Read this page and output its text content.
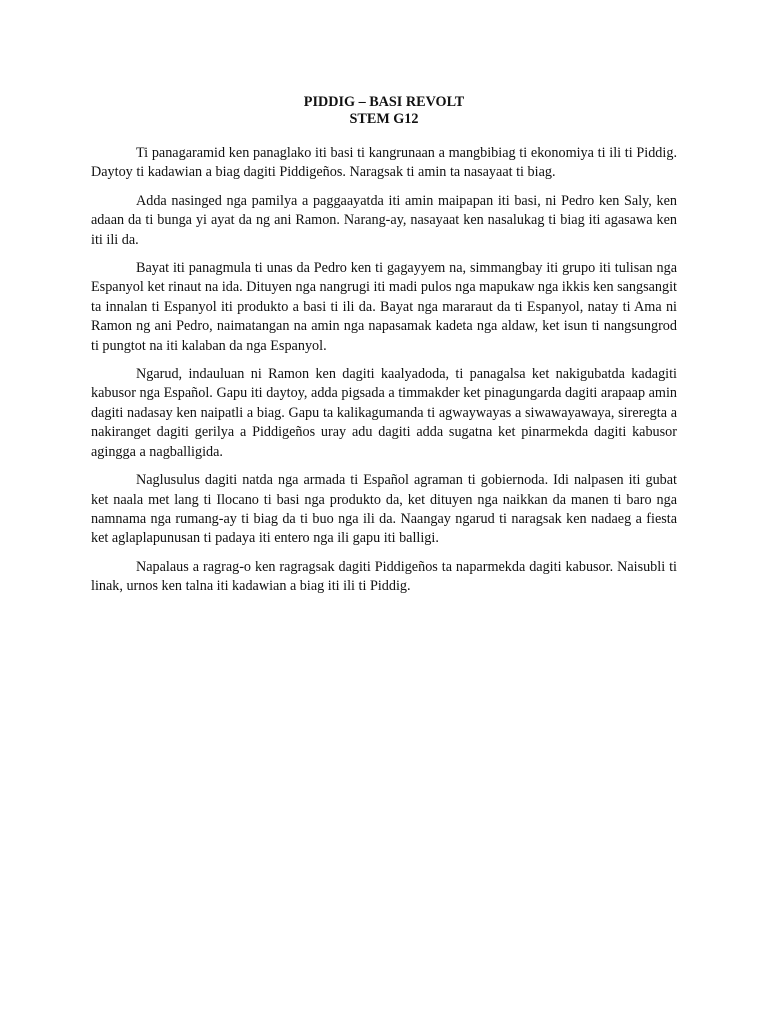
PIDDIG – BASI REVOLT
STEM G12

Ti panagaramid ken panaglako iti basi ti kangrunaan a mangbibiag ti ekonomiya ti ili ti Piddig. Daytoy ti kadawian a biag dagiti Piddigeños. Naragsak ti amin ta nasayaat ti biag.

Adda nasinged nga pamilya a paggaayatda iti amin maipapan iti basi, ni Pedro ken Saly, ken adaan da ti bunga yi ayat da ng ani Ramon. Narang-ay, nasayaat ken nasalukag ti biag iti agasawa ken iti ili da.

Bayat iti panagmula ti unas da Pedro ken ti gagayyem na, simmangbay iti grupo iti tulisan nga Espanyol ket rinaut na ida. Dituyen nga nangrugi iti madi pulos nga mapukaw nga ikkis ken sangsangit ta innalan ti Espanyol iti produkto a basi ti ili da. Bayat nga mararaut da ti Espanyol, natay ti Ama ni Ramon ng ani Pedro, naimatangan na amin nga napasamak kadeta nga aldaw, ket isun ti nangsungrod ti pungtot na iti kalaban da nga Espanyol.

Ngarud, indauluan ni Ramon ken dagiti kaalyadoda, ti panagalsa ket nakigubatda kadagiti kabusor nga Español. Gapu iti daytoy, adda pigsada a timmakder ket pinagungarda dagiti arapaap amin dagiti nadasay ken naipatli a biag. Gapu ta kalikagumanda ti agwaywayas a siwawayawaya, sireregta a nakiranget dagiti gerilya a Piddigeños uray adu dagiti adda sugatna ket pinarmekda dagiti kabusor agingga a nagballigida.

Naglusulus dagiti natda nga armada ti Español agraman ti gobiernoda. Idi nalpasen iti gubat ket naala met lang ti Ilocano ti basi nga produkto da, ket dituyen nga naikkan da manen ti baro nga namnama nga rumang-ay ti biag da ti buo nga ili da. Naangay ngarud ti naragsak ken nadaeg a fiesta ket aglaplapunusan ti padaya iti entero nga ili gapu iti balligi.

Napalaus a ragrag-o ken ragragsak dagiti Piddigeños ta naparmekda dagiti kabusor. Naisubli ti linak, urnos ken talna iti kadawian a biag iti ili ti Piddig.
